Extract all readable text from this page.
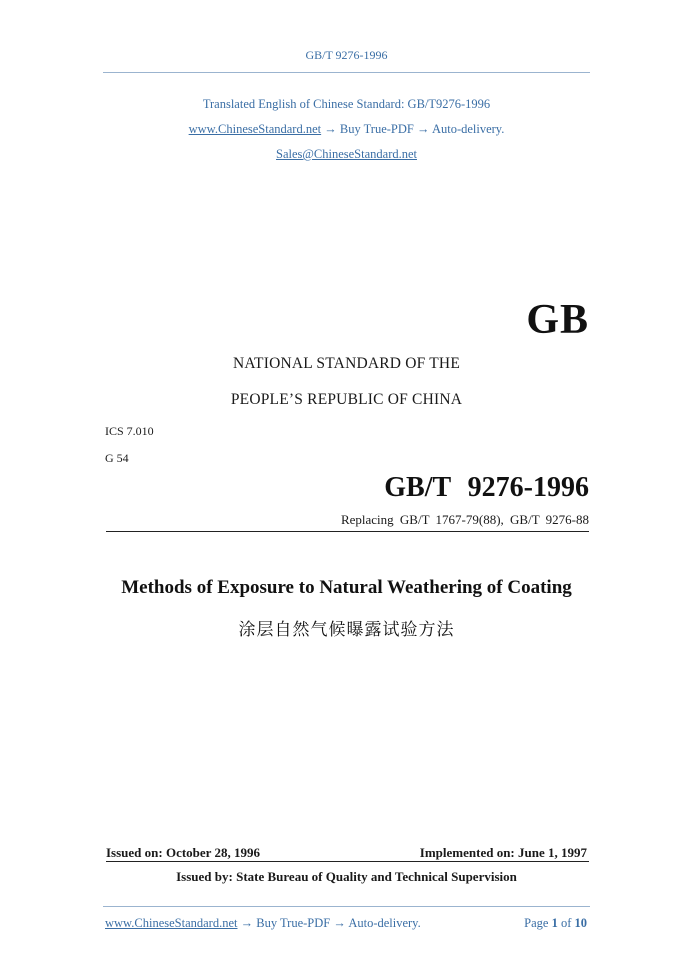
GB/T 9276-1996
Translated English of Chinese Standard: GB/T9276-1996
www.ChineseStandard.net → Buy True-PDF → Auto-delivery.
Sales@ChineseStandard.net
GB
NATIONAL STANDARD OF THE
PEOPLE’S REPUBLIC OF CHINA
ICS 7.010
G 54
GB/T 9276-1996
Replacing GB/T 1767-79(88), GB/T 9276-88
Methods of Exposure to Natural Weathering of Coating
涂层自然气候曝露试验方法
Issued on: October 28, 1996	Implemented on: June 1, 1997
Issued by: State Bureau of Quality and Technical Supervision
www.ChineseStandard.net → Buy True-PDF → Auto-delivery.	Page 1 of 10
